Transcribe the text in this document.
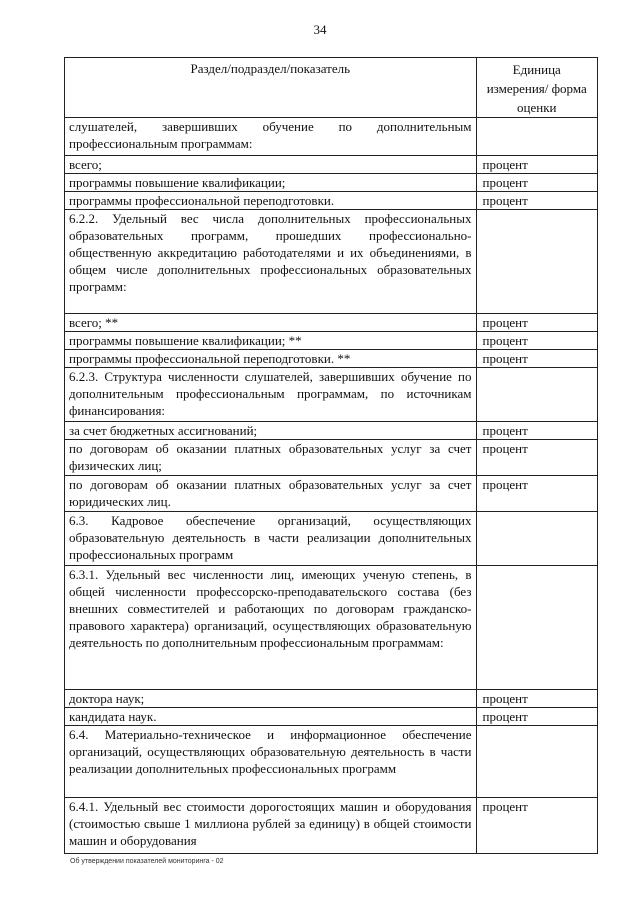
34
Раздел/подраздел/показатель	Единица измерения/ форма оценки
слушателей, завершивших обучение по дополнительным профессиональным программам:	
всего;	процент
программы повышение квалификации;	процент
программы профессиональной переподготовки.	процент
6.2.2. Удельный вес числа дополнительных профессиональных образовательных программ, прошедших профессионально-общественную аккредитацию работодателями и их объединениями, в общем числе дополнительных профессиональных образовательных программ:	
всего; **	процент
программы повышение квалификации; **	процент
программы профессиональной переподготовки. **	процент
6.2.3. Структура численности слушателей, завершивших обучение по дополнительным профессиональным программам, по источникам финансирования:	
за счет бюджетных ассигнований;	процент
по договорам об оказании платных образовательных услуг за счет физических лиц;	процент
по договорам об оказании платных образовательных услуг за счет юридических лиц.	процент
6.3. Кадровое обеспечение организаций, осуществляющих образовательную деятельность в части реализации дополнительных профессиональных программ	
6.3.1. Удельный вес численности лиц, имеющих ученую степень, в общей численности профессорско-преподавательского состава (без внешних совместителей и работающих по договорам гражданско-правового характера) организаций, осуществляющих образовательную деятельность по дополнительным профессиональным программам:	
доктора наук;	процент
кандидата наук.	процент
6.4. Материально-техническое и информационное обеспечение организаций, осуществляющих образовательную деятельность в части реализации дополнительных профессиональных программ	
6.4.1. Удельный вес стоимости дорогостоящих машин и оборудования (стоимостью свыше 1 миллиона рублей за единицу) в общей стоимости машин и оборудования	процент
Об утверждении показателей мониторинга - 02
